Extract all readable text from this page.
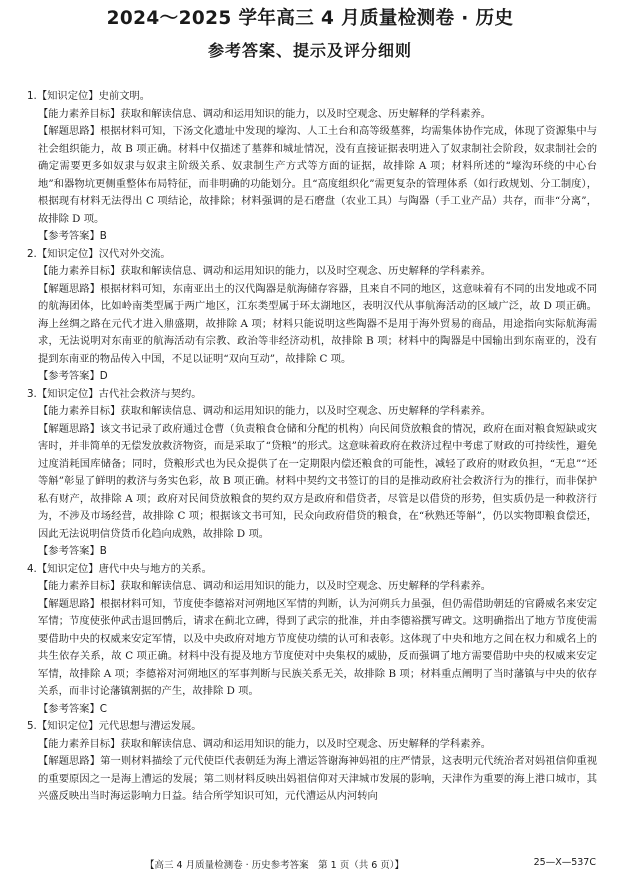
2024～2025 学年高三 4 月质量检测卷 · 历史
参考答案、提示及评分细则

1.【知识定位】史前文明。

【能力素养目标】获取和解读信息、调动和运用知识的能力，以及时空观念、历史解释的学科素养。

【解题思路】根据材料可知，下汤文化遗址中发现的壕沟、人工土台和高等级墓葬，均需集体协作完成，体现了资源集中与社会组织能力，故 B 项正确。材料中仅描述了墓葬和城址情况，没有直接证据表明进入了奴隶制社会阶段，奴隶制社会的确定需要更多如奴隶与奴隶主阶级关系、奴隶制生产方式等方面的证据，故排除 A 项；材料所述的“壕沟环绕的中心台地”和器物坑更侧重整体布局特征，而非明确的功能划分。且“高度组织化”需更复杂的管理体系（如行政规划、分工制度），根据现有材料无法得出 C 项结论，故排除；材料强调的是石磨盘（农业工具）与陶器（手工业产品）共存，而非“分离”，故排除 D 项。

【参考答案】B

2.【知识定位】汉代对外交流。

【能力素养目标】获取和解读信息、调动和运用知识的能力，以及时空观念、历史解释的学科素养。

【解题思路】根据材料可知，东南亚出土的汉代陶器是航海储存容器，且来自不同的地区，这意味着有不同的出发地或不同的航海团体，比如岭南类型属于两广地区，江东类型属于环太湖地区，表明汉代从事航海活动的区域广泛，故 D 项正确。海上丝绸之路在元代才进入鼎盛期，故排除 A 项；材料只能说明这些陶器不是用于海外贸易的商品，用途指向实际航海需求，无法说明对东南亚的航海活动有宗教、政治等非经济动机，故排除 B 项；材料中的陶器是中国输出到东南亚的，没有提到东南亚的物品传入中国，不足以证明“双向互动”，故排除 C 项。

【参考答案】D

3.【知识定位】古代社会救济与契约。

【能力素养目标】获取和解读信息、调动和运用知识的能力，以及时空观念、历史解释的学科素养。

【解题思路】该文书记录了政府通过仓曹（负责粮食仓储和分配的机构）向民间贷放粮食的情况，政府在面对粮食短缺或灾害时，并非简单的无偿发放救济物资，而是采取了“贷粮”的形式。这意味着政府在救济过程中考虑了财政的可持续性，避免过度消耗国库储备；同时，贷粮形式也为民众提供了在一定期限内偿还粮食的可能性，减轻了政府的财政负担，“无息”“还等斛”彰显了鲜明的救济与务实色彩，故 B 项正确。材料中契约文书签订的目的是推动政府社会救济行为的推行，而非保护私有财产，故排除 A 项；政府对民间贷放粮食的契约双方是政府和借贷者，尽管是以借贷的形势，但实质仍是一种救济行为，不涉及市场经营，故排除 C 项；根据该文书可知，民众向政府借贷的粮食，在“秋熟还等斛”，仍以实物即粮食偿还，因此无法说明信贷货币化趋向成熟，故排除 D 项。

【参考答案】B

4.【知识定位】唐代中央与地方的关系。

【能力素养目标】获取和解读信息、调动和运用知识的能力，以及时空观念、历史解释的学科素养。

【解题思路】根据材料可知，节度使李德裕对河朔地区军情的判断，认为河朔兵力虽强，但仍需借助朝廷的官爵威名来安定军情；节度使张仲武击退回鹘后，请求在蓟北立碑，得到了武宗的批准，并由李德裕撰写碑文。这明确指出了地方节度使需要借助中央的权威来安定军情，以及中央政府对地方节度使功绩的认可和表彰。这体现了中央和地方之间在权力和威名上的共生依存关系，故 C 项正确。材料中没有提及地方节度使对中央集权的威胁，反而强调了地方需要借助中央的权威来安定军情，故排除 A 项；李德裕对河朔地区的军事判断与民族关系无关，故排除 B 项；材料重点阐明了当时藩镇与中央的依存关系，而非讨论藩镇割据的产生，故排除 D 项。

【参考答案】C

5.【知识定位】元代思想与漕运发展。

【能力素养目标】获取和解读信息、调动和运用知识的能力，以及时空观念、历史解释的学科素养。

【解题思路】第一则材料描绘了元代使臣代表朝廷为海上漕运答谢海神妈祖的庄严情景，这表明元代统治者对妈祖信仰重视的重要原因之一是海上漕运的发展；第二则材料反映出妈祖信仰对天津城市发展的影响，天津作为重要的海上港口城市，其兴盛反映出当时海运影响力日益。结合所学知识可知，元代漕运从内河转向

【高三 4 月质量检测卷 · 历史参考答案　第 1 页（共 6 页）】	25—X—537C
